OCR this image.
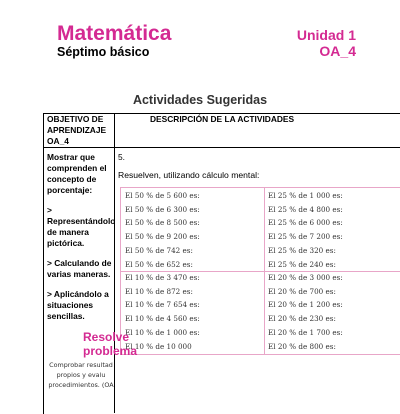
Matemática
Séptimo básico
Unidad 1
OA_4
Actividades Sugeridas
OBJETIVO DE APRENDIZAJE OA_4
DESCRIPCIÓN DE LA ACTIVIDADES

Mostrar que comprenden el concepto de porcentaje:

> Representándolo de manera pictórica.

> Calculando de varias maneras.

> Aplicándolo a situaciones sencillas.

5.
Resuelven, utilizando cálculo mental:
El 50 % de 5 600 es:
El 50 % de 6 300 es:
El 50 % de 8 500 es:
El 50 % de 9 200 es:
El 50 % de 742 es:
El 50 % de 652 es:
El 25 % de 1 000 es:
El 25 % de 4 800 es:
El 25 % de 6 000 es:
El 25 % de 7 200 es:
El 25 % de 320 es:
El 25 % de 240 es:
El 10 % de 3 470 es:
El 10 % de 872 es:
El 10 % de 7 654 es:
El 10 % de 4 560 es:
El 10 % de 1 000 es:
El 10 % de 10 000
El 20 % de 3 000 es:
El 20 % de 700 es:
El 20 % de 1 200 es:
El 20 % de 230 es:
El 20 % de 1 700 es:
El 20 % de 800 es:
Resolve
problema
Comprobar resultad propios y evalu procedimientos. (OA
